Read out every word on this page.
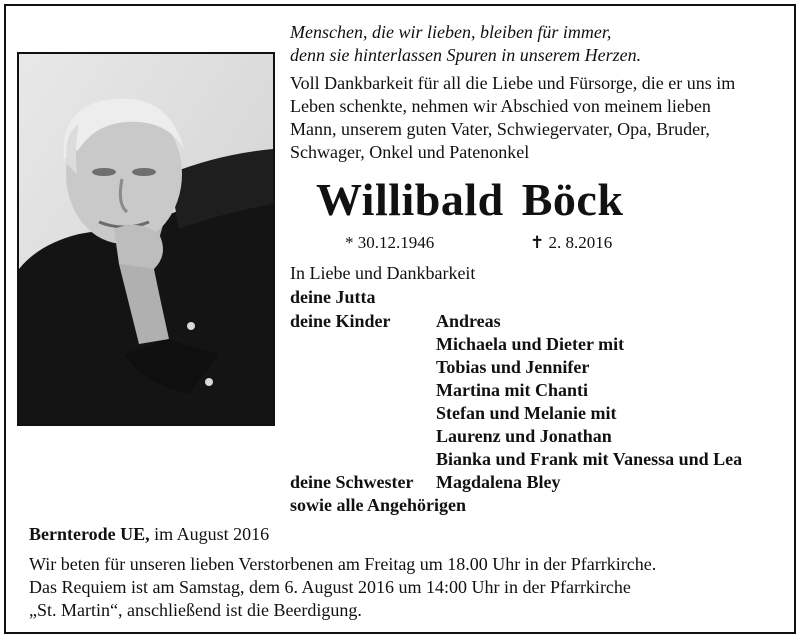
Menschen, die wir lieben, bleiben für immer,
denn sie hinterlassen Spuren in unserem Herzen.
Voll Dankbarkeit für all die Liebe und Fürsorge, die er uns im
Leben schenkte, nehmen wir Abschied von meinem lieben
Mann, unserem guten Vater, Schwiegervater, Opa, Bruder,
Schwager, Onkel und Patenonkel
Willibald Böck
* 30.12.1946	✝ 2. 8.2016
In Liebe und Dankbarkeit
deine Jutta
deine Kinder	Andreas
Michaela und Dieter mit
Tobias und Jennifer
Martina mit Chanti
Stefan und Melanie mit
Laurenz und Jonathan
Bianka und Frank mit Vanessa und Lea
deine Schwester Magdalena Bley
sowie alle Angehörigen
Bernterode UE, im August 2016
Wir beten für unseren lieben Verstorbenen am Freitag um 18.00 Uhr in der Pfarrkirche.
Das Requiem ist am Samstag, dem 6. August 2016 um 14:00 Uhr in der Pfarrkirche
„St. Martin“, anschließend ist die Beerdigung.
